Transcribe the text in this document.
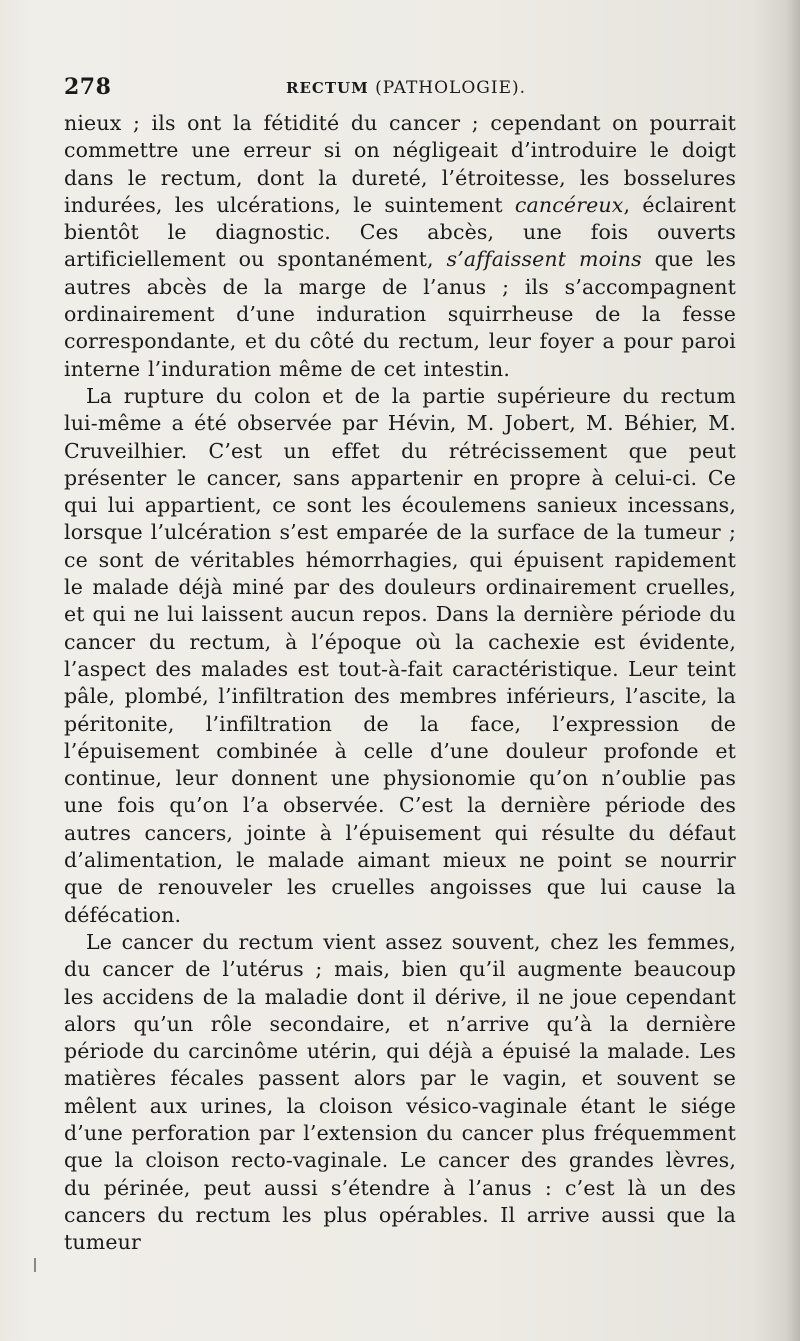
278	RECTUM (PATHOLOGIE).

nieux ; ils ont la fétidité du cancer ; cependant on pourrait commettre une erreur si on négligeait d’introduire le doigt dans le rectum, dont la dureté, l’étroitesse, les bosselures indurées, les ulcérations, le suintement cancéreux, éclairent bientôt le diagnostic. Ces abcès, une fois ouverts artificiellement ou spontanément, s’affaissent moins que les autres abcès de la marge de l’anus ; ils s’accompagnent ordinairement d’une induration squirrheuse de la fesse correspondante, et du côté du rectum, leur foyer a pour paroi interne l’induration même de cet intestin.

La rupture du colon et de la partie supérieure du rectum lui-même a été observée par Hévin, M. Jobert, M. Béhier, M. Cruveilhier. C’est un effet du rétrécissement que peut présenter le cancer, sans appartenir en propre à celui-ci. Ce qui lui appartient, ce sont les écoulemens sanieux incessans, lorsque l’ulcération s’est emparée de la surface de la tumeur ; ce sont de véritables hémorrhagies, qui épuisent rapidement le malade déjà miné par des douleurs ordinairement cruelles, et qui ne lui laissent aucun repos. Dans la dernière période du cancer du rectum, à l’époque où la cachexie est évidente, l’aspect des malades est tout-à-fait caractéristique. Leur teint pâle, plombé, l’infiltration des membres inférieurs, l’ascite, la péritonite, l’infiltration de la face, l’expression de l’épuisement combinée à celle d’une douleur profonde et continue, leur donnent une physionomie qu’on n’oublie pas une fois qu’on l’a observée. C’est la dernière période des autres cancers, jointe à l’épuisement qui résulte du défaut d’alimentation, le malade aimant mieux ne point se nourrir que de renouveler les cruelles angoisses que lui cause la défécation.

Le cancer du rectum vient assez souvent, chez les femmes, du cancer de l’utérus ; mais, bien qu’il augmente beaucoup les accidens de la maladie dont il dérive, il ne joue cependant alors qu’un rôle secondaire, et n’arrive qu’à la dernière période du carcinôme utérin, qui déjà a épuisé la malade. Les matières fécales passent alors par le vagin, et souvent se mêlent aux urines, la cloison vésico-vaginale étant le siége d’une perforation par l’extension du cancer plus fréquemment que la cloison recto-vaginale. Le cancer des grandes lèvres, du périnée, peut aussi s’étendre à l’anus : c’est là un des cancers du rectum les plus opérables. Il arrive aussi que la tumeur
